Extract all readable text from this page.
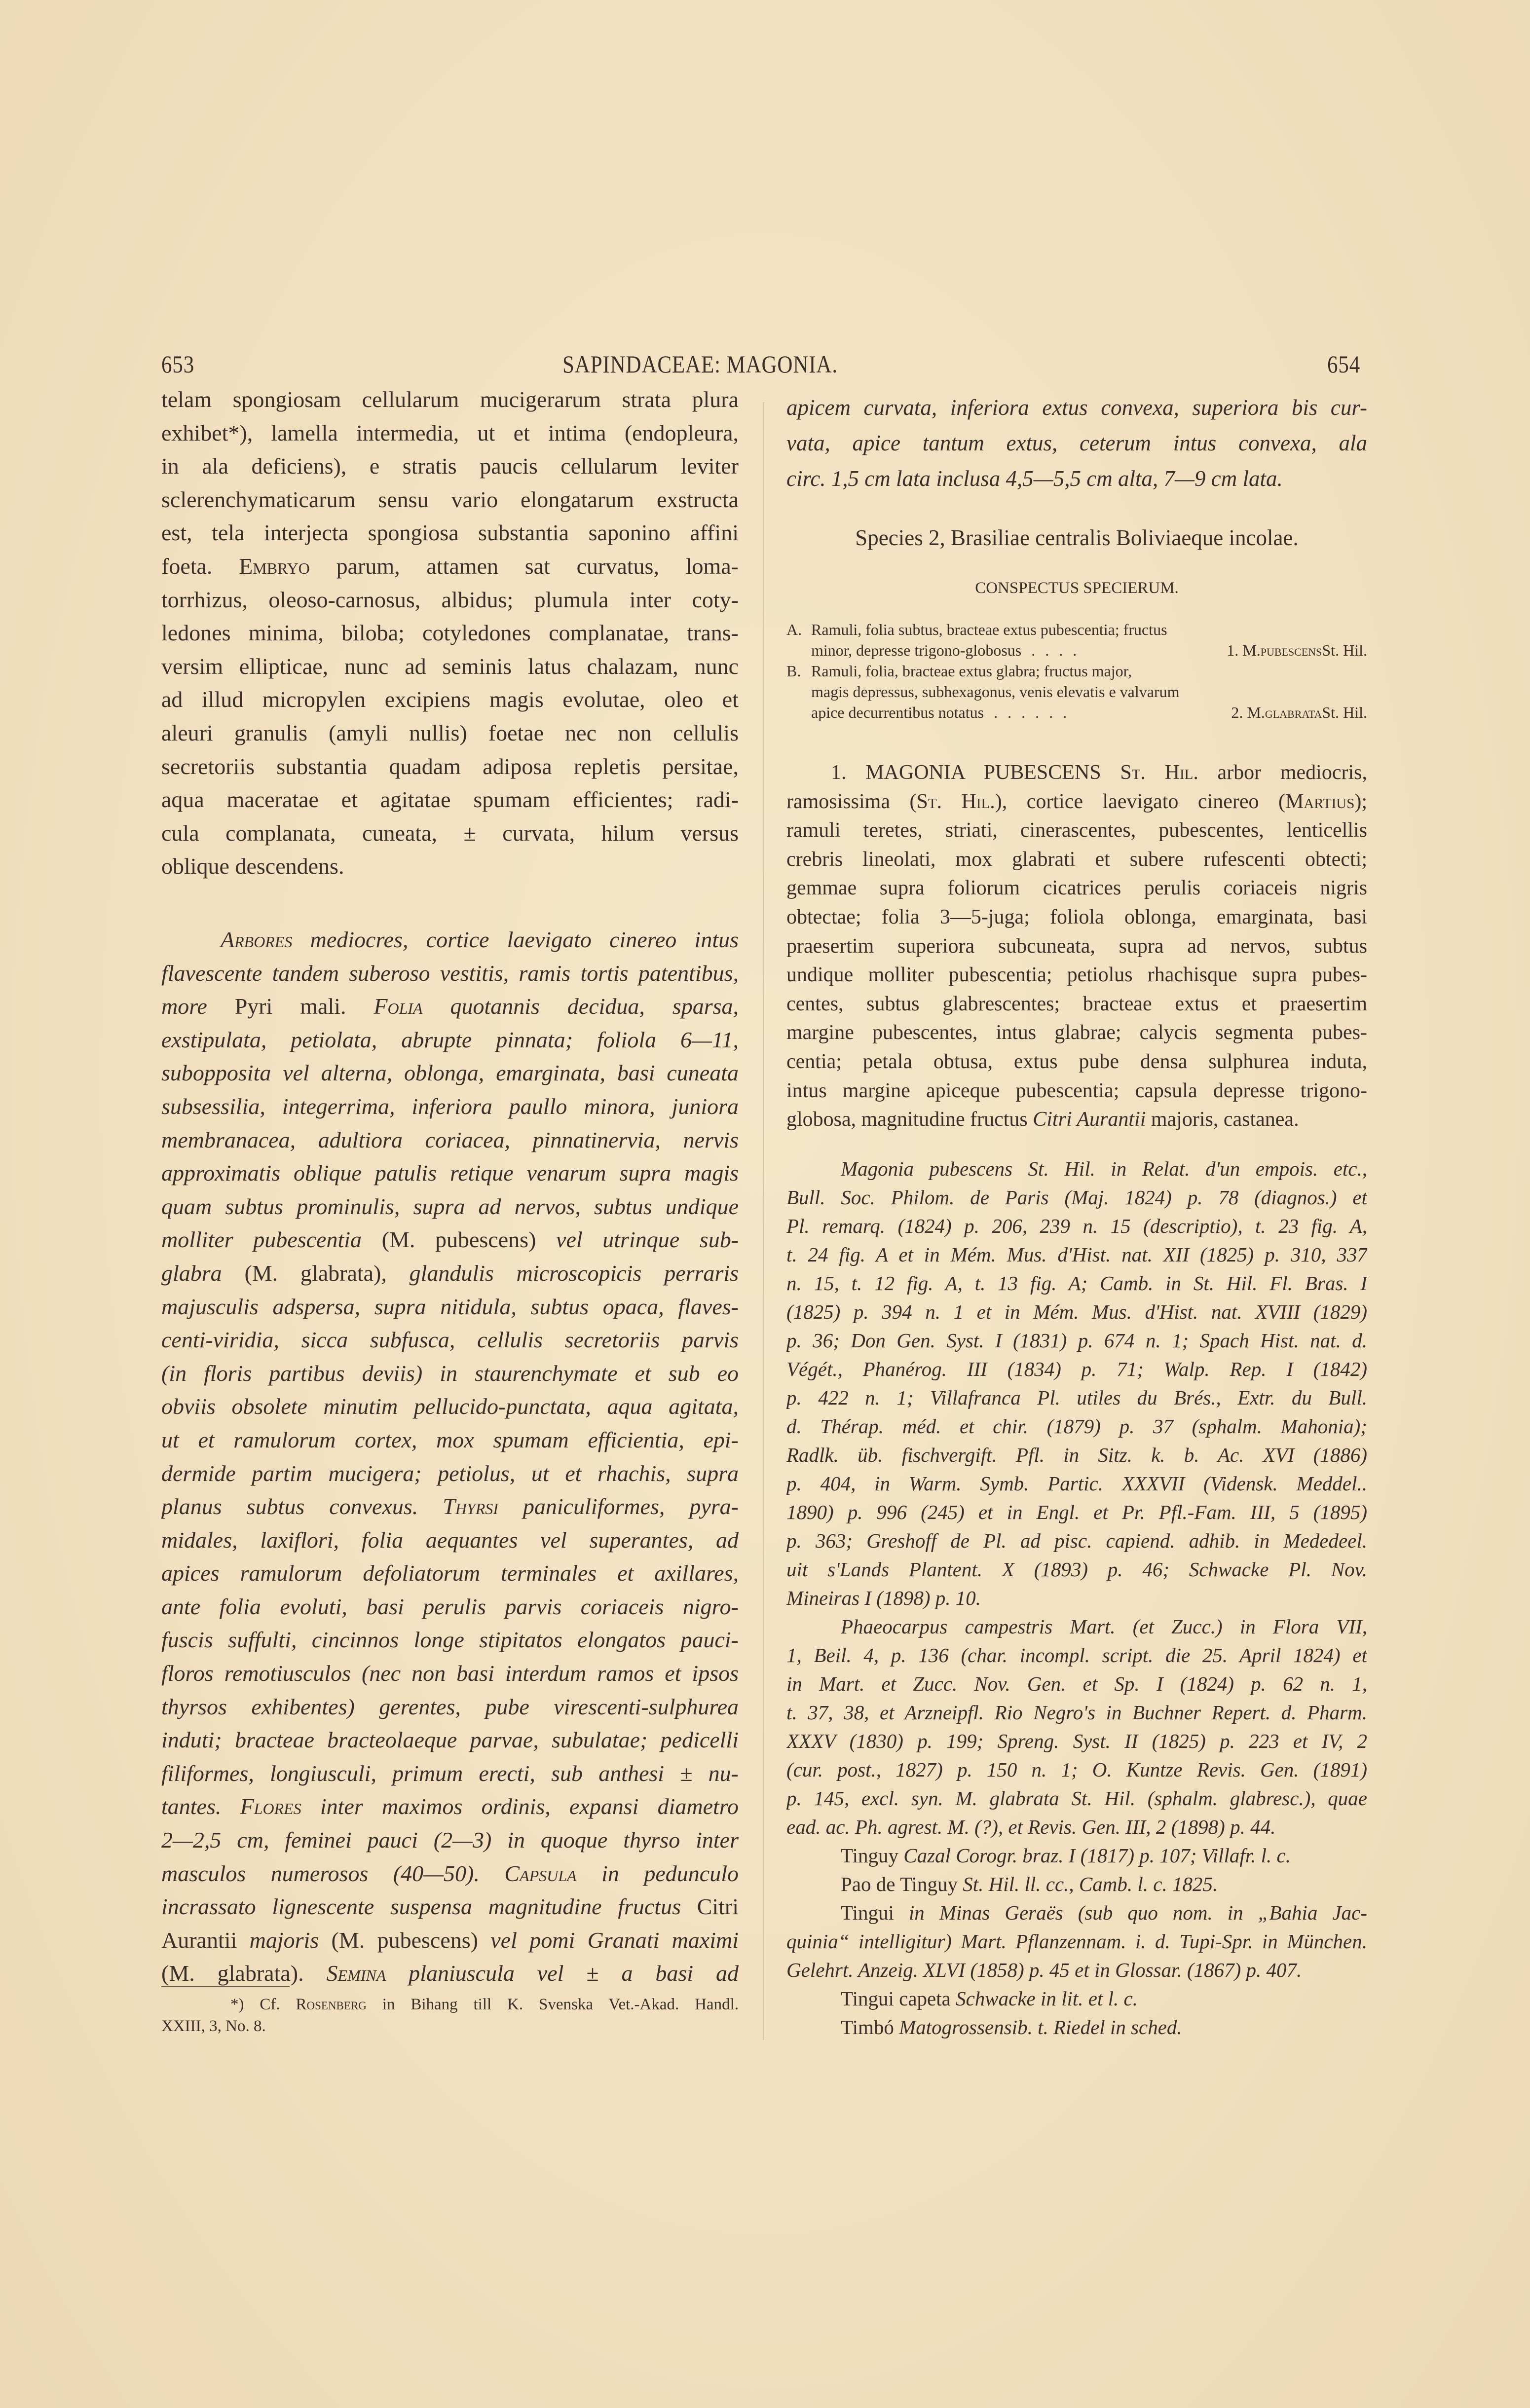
653	SAPINDACEAE: MAGONIA.	654
telam spongiosam cellularum mucigerarum strata plura
exhibet*), lamella intermedia, ut et intima (endopleura,
in ala deficiens), e stratis paucis cellularum leviter
sclerenchymaticarum sensu vario elongatarum exstructa
est, tela interjecta spongiosa substantia saponino affini
foeta. Embryo parum, attamen sat curvatus, loma-
torrhizus, oleoso-carnosus, albidus; plumula inter coty-
ledones minima, biloba; cotyledones complanatae, trans-
versim ellipticae, nunc ad seminis latus chalazam, nunc
ad illud micropylen excipiens magis evolutae, oleo et
aleuri granulis (amyli nullis) foetae nec non cellulis
secretoriis substantia quadam adiposa repletis persitae,
aqua maceratae et agitatae spumam efficientes; radi-
cula complanata, cuneata, ± curvata, hilum versus
oblique descendens.
Arbores mediocres, cortice laevigato cinereo intus
flavescente tandem suberoso vestitis, ramis tortis patentibus,
more Pyri mali. Folia quotannis decidua, sparsa,
exstipulata, petiolata, abrupte pinnata; foliola 6—11,
subopposita vel alterna, oblonga, emarginata, basi cuneata
subsessilia, integerrima, inferiora paullo minora, juniora
membranacea, adultiora coriacea, pinnatinervia, nervis
approximatis oblique patulis retique venarum supra magis
quam subtus prominulis, supra ad nervos, subtus undique
molliter pubescentia (M. pubescens) vel utrinque sub-
glabra (M. glabrata), glandulis microscopicis perraris
majusculis adspersa, supra nitidula, subtus opaca, flaves-
centi-viridia, sicca subfusca, cellulis secretoriis parvis
(in floris partibus deviis) in staurenchymate et sub eo
obviis obsolete minutim pellucido-punctata, aqua agitata,
ut et ramulorum cortex, mox spumam efficientia, epi-
dermide partim mucigera; petiolus, ut et rhachis, supra
planus subtus convexus. Thyrsi paniculiformes, pyra-
midales, laxiflori, folia aequantes vel superantes, ad
apices ramulorum defoliatorum terminales et axillares,
ante folia evoluti, basi perulis parvis coriaceis nigro-
fuscis suffulti, cincinnos longe stipitatos elongatos pauci-
floros remotiusculos (nec non basi interdum ramos et ipsos
thyrsos exhibentes) gerentes, pube virescenti-sulphurea
induti; bracteae bracteolaeque parvae, subulatae; pedicelli
filiformes, longiusculi, primum erecti, sub anthesi ± nu-
tantes. Flores inter maximos ordinis, expansi diametro
2—2,5 cm, feminei pauci (2—3) in quoque thyrso inter
masculos numerosos (40—50). Capsula in pedunculo
incrassato lignescente suspensa magnitudine fructus Citri
Aurantii majoris (M. pubescens) vel pomi Granati maximi
(M. glabrata). Semina planiuscula vel ± a basi ad
*) Cf. Rosenberg in Bihang till K. Svenska Vet.-Akad. Handl.
XXIII, 3, No. 8.
apicem curvata, inferiora extus convexa, superiora bis cur-
vata, apice tantum extus, ceterum intus convexa, ala
circ. 1,5 cm lata inclusa 4,5—5,5 cm alta, 7—9 cm lata.
Species 2, Brasiliae centralis Boliviaeque incolae.
CONSPECTUS SPECIERUM.
A. Ramuli, folia subtus, bracteae extus pubescentia; fructus
minor, depresse trigono-globosus . . . .	1. M. pubescens St. Hil.
B. Ramuli, folia, bracteae extus glabra; fructus major,
magis depressus, subhexagonus, venis elevatis e valvarum
apice decurrentibus notatus . . . . . .	2. M. glabrata St. Hil.
1. MAGONIA PUBESCENS St. Hil. arbor mediocris,
ramosissima (St. Hil.), cortice laevigato cinereo (Martius);
ramuli teretes, striati, cinerascentes, pubescentes, lenticellis
crebris lineolati, mox glabrati et subere rufescenti obtecti;
gemmae supra foliorum cicatrices perulis coriaceis nigris
obtectae; folia 3—5-juga; foliola oblonga, emarginata, basi
praesertim superiora subcuneata, supra ad nervos, subtus
undique molliter pubescentia; petiolus rhachisque supra pubes-
centes, subtus glabrescentes; bracteae extus et praesertim
margine pubescentes, intus glabrae; calycis segmenta pubes-
centia; petala obtusa, extus pube densa sulphurea induta,
intus margine apiceque pubescentia; capsula depresse trigono-
globosa, magnitudine fructus Citri Aurantii majoris, castanea.
Magonia pubescens St. Hil. in Relat. d'un empois. etc.,
Bull. Soc. Philom. de Paris (Maj. 1824) p. 78 (diagnos.) et
Pl. remarq. (1824) p. 206, 239 n. 15 (descriptio), t. 23 fig. A,
t. 24 fig. A et in Mém. Mus. d'Hist. nat. XII (1825) p. 310, 337
n. 15, t. 12 fig. A, t. 13 fig. A; Camb. in St. Hil. Fl. Bras. I
(1825) p. 394 n. 1 et in Mém. Mus. d'Hist. nat. XVIII (1829)
p. 36; Don Gen. Syst. I (1831) p. 674 n. 1; Spach Hist. nat. d.
Végét., Phanérog. III (1834) p. 71; Walp. Rep. I (1842)
p. 422 n. 1; Villafranca Pl. utiles du Brés., Extr. du Bull.
d. Thérap. méd. et chir. (1879) p. 37 (sphalm. Mahonia);
Radlk. üb. fischvergift. Pfl. in Sitz. k. b. Ac. XVI (1886)
p. 404, in Warm. Symb. Partic. XXXVII (Vidensk. Meddel..
1890) p. 996 (245) et in Engl. et Pr. Pfl.-Fam. III, 5 (1895)
p. 363; Greshoff de Pl. ad pisc. capiend. adhib. in Mededeel.
uit s'Lands Plantent. X (1893) p. 46; Schwacke Pl. Nov.
Mineiras I (1898) p. 10.
Phaeocarpus campestris Mart. (et Zucc.) in Flora VII,
1, Beil. 4, p. 136 (char. incompl. script. die 25. April 1824) et
in Mart. et Zucc. Nov. Gen. et Sp. I (1824) p. 62 n. 1,
t. 37, 38, et Arzneipfl. Rio Negro's in Buchner Repert. d. Pharm.
XXXV (1830) p. 199; Spreng. Syst. II (1825) p. 223 et IV, 2
(cur. post., 1827) p. 150 n. 1; O. Kuntze Revis. Gen. (1891)
p. 145, excl. syn. M. glabrata St. Hil. (sphalm. glabresc.), quae
ead. ac. Ph. agrest. M. (?), et Revis. Gen. III, 2 (1898) p. 44.
Tinguy Cazal Corogr. braz. I (1817) p. 107; Villafr. l. c.
Pao de Tinguy St. Hil. ll. cc., Camb. l. c. 1825.
Tingui in Minas Geraës (sub quo nom. in „Bahia Jac-
quinia“ intelligitur) Mart. Pflanzennam. i. d. Tupi-Spr. in München.
Gelehrt. Anzeig. XLVI (1858) p. 45 et in Glossar. (1867) p. 407.
Tingui capeta Schwacke in lit. et l. c.
Timbó Matogrossensib. t. Riedel in sched.
